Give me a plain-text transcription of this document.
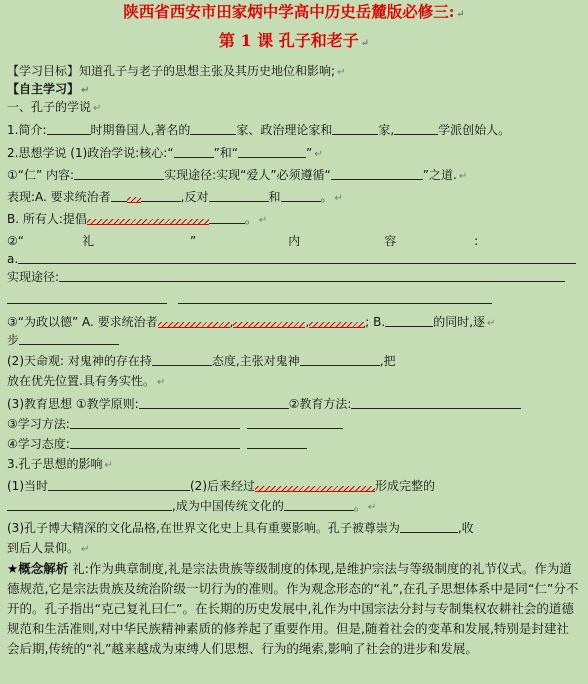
陕西省西安市田家炳中学高中历史岳麓版必修三: ↵
第 1 课 孔子和老子 ↵
【学习目标】知道孔子与老子的思想主张及其历史地位和影响; ↵
【自主学习】 ↵
一、孔子的学说 ↵
1.简介:	时期鲁国人,著名的	家、政治理论家和	家,	学派创始人。
2.思想学说 (1)政治学说:核心:“	”和“	” ↵
①“仁” 内容:	实现途径:实现“爱人”必须遵循“	”之道. ↵
表现:A. 要求统治者	,反对	和	。 ↵
B. 所有人:提倡	。 ↵
②“	礼	”	内	容	:
a.
实现途径:

③“为政以德” A. 要求统治者	,	,	; B.	的同时,逐 ↵
步
(2)天命观: 对鬼神的存在持	态度,主张对鬼神	,把
放在优先位置.具有务实性。 ↵
(3)教育思想 ①教学原则:	②教育方法:
③学习方法:
④学习态度:
3.孔子思想的影响 ↵
(1)当时	(2)后来经过	形成完整的
,成为中国传统文化的	。 ↵
(3)孔子博大精深的文化品格,在世界文化史上具有重要影响。孔子被尊崇为	,收
到后人景仰。 ↵
★概念解析 礼:作为典章制度,礼是宗法贵族等级制度的体现,是维护宗法与等级制度的礼节仪式。作为道德规范,它是宗法贵族及统治阶级一切行为的准则。作为观念形态的“礼”,在孔子思想体系中是同“仁”分不开的。孔子指出“克己复礼曰仁”。在长期的历史发展中,礼作为中国宗法分封与专制集权农耕社会的道德规范和生活准则,对中华民族精神素质的修养起了重要作用。但是,随着社会的变革和发展,特别是封建社会后期,传统的“礼”越来越成为束缚人们思想、行为的绳索,影响了社会的进步和发展。
